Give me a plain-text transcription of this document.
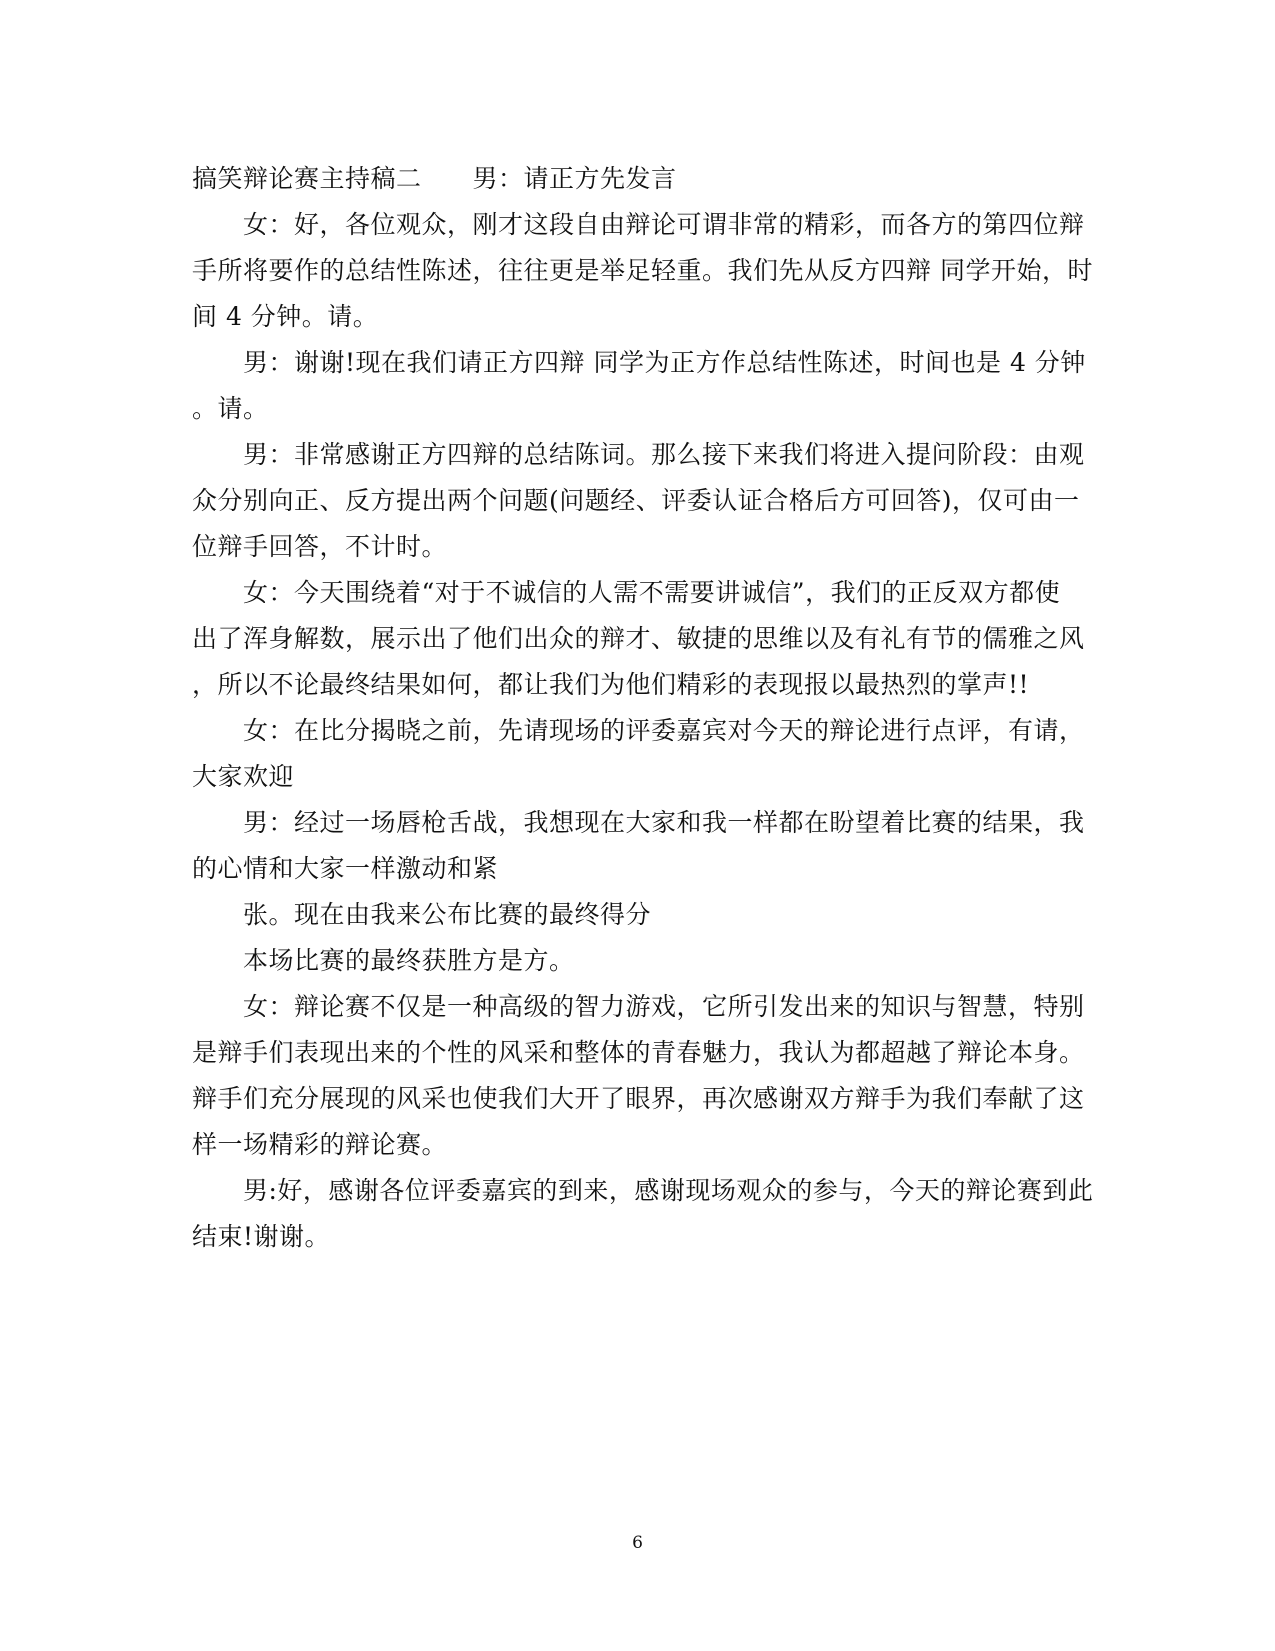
搞笑辩论赛主持稿二　　男：请正方先发言
　　女：好，各位观众，刚才这段自由辩论可谓非常的精彩，而各方的第四位辩
手所将要作的总结性陈述，往往更是举足轻重。我们先从反方四辩 同学开始，时
间 4 分钟。请。
　　男：谢谢!现在我们请正方四辩 同学为正方作总结性陈述，时间也是 4 分钟
。请。
　　男：非常感谢正方四辩的总结陈词。那么接下来我们将进入提问阶段：由观
众分别向正、反方提出两个问题(问题经、评委认证合格后方可回答)，仅可由一
位辩手回答，不计时。
　　女：今天围绕着“对于不诚信的人需不需要讲诚信”，我们的正反双方都使
出了浑身解数，展示出了他们出众的辩才、敏捷的思维以及有礼有节的儒雅之风
，所以不论最终结果如何，都让我们为他们精彩的表现报以最热烈的掌声!!
　　女：在比分揭晓之前，先请现场的评委嘉宾对今天的辩论进行点评，有请，
大家欢迎
　　男：经过一场唇枪舌战，我想现在大家和我一样都在盼望着比赛的结果，我
的心情和大家一样激动和紧
　　张。现在由我来公布比赛的最终得分
　　本场比赛的最终获胜方是方。
　　女：辩论赛不仅是一种高级的智力游戏，它所引发出来的知识与智慧，特别
是辩手们表现出来的个性的风采和整体的青春魅力，我认为都超越了辩论本身。
辩手们充分展现的风采也使我们大开了眼界，再次感谢双方辩手为我们奉献了这
样一场精彩的辩论赛。
　　男:好，感谢各位评委嘉宾的到来，感谢现场观众的参与，今天的辩论赛到此
结束!谢谢。
6
